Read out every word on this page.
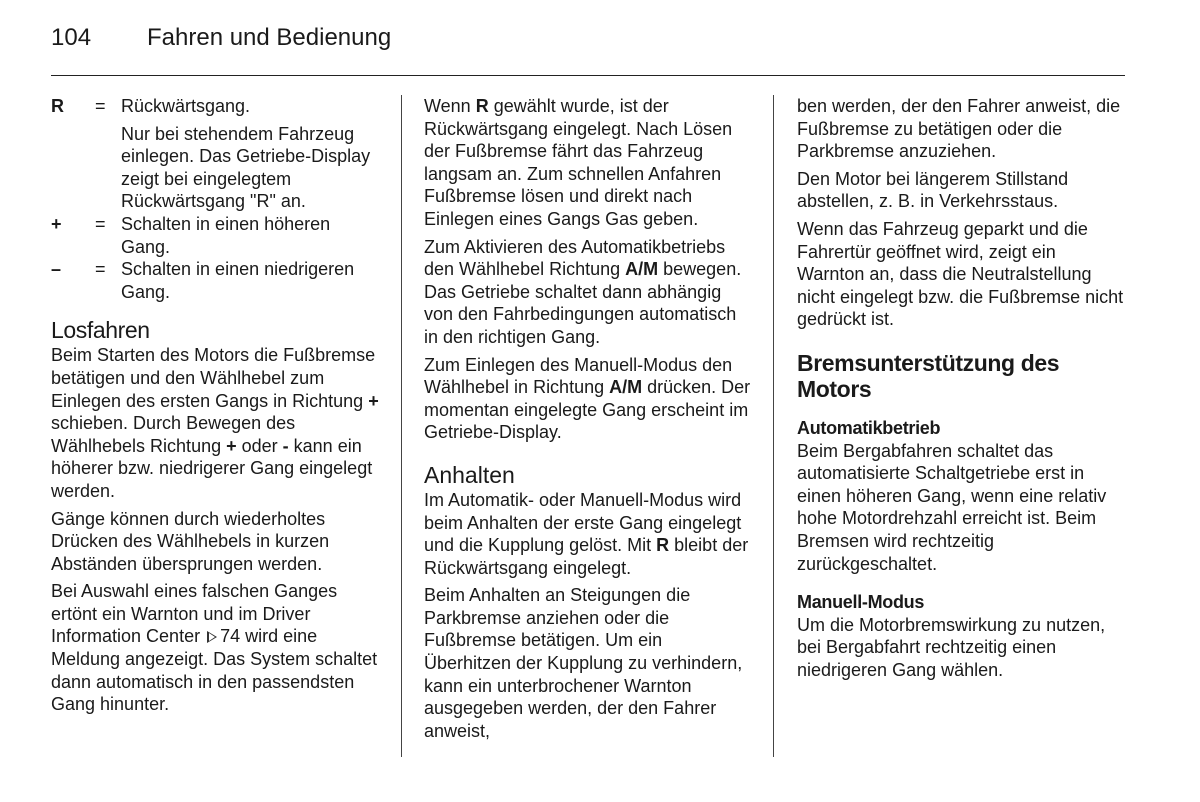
104	Fahren und Bedienung
R	= Rückwärtsgang.

Nur bei stehendem Fahrzeug einlegen. Das Getriebe-Display zeigt bei eingelegtem Rückwärtsgang "R" an.

+	= Schalten in einen höheren Gang.
–	= Schalten in einen niedrigeren Gang.
Losfahren

Beim Starten des Motors die Fußbremse betätigen und den Wählhebel zum Einlegen des ersten Gangs in Richtung + schieben. Durch Bewegen des Wählhebels Richtung + oder - kann ein höherer bzw. niedrigerer Gang eingelegt werden.

Gänge können durch wiederholtes Drücken des Wählhebels in kurzen Abständen übersprungen werden.

Bei Auswahl eines falschen Ganges ertönt ein Warnton und im Driver Information Center 74 wird eine Meldung angezeigt. Das System schaltet dann automatisch in den passendsten Gang hinunter.

Wenn R gewählt wurde, ist der Rückwärtsgang eingelegt. Nach Lösen der Fußbremse fährt das Fahrzeug langsam an. Zum schnellen Anfahren Fußbremse lösen und direkt nach Einlegen eines Gangs Gas geben.

Zum Aktivieren des Automatikbetriebs den Wählhebel Richtung A/M bewegen. Das Getriebe schaltet dann abhängig von den Fahrbedingungen automatisch in den richtigen Gang.

Zum Einlegen des Manuell-Modus den Wählhebel in Richtung A/M drücken. Der momentan eingelegte Gang erscheint im Getriebe-Display.

Anhalten

Im Automatik- oder Manuell-Modus wird beim Anhalten der erste Gang eingelegt und die Kupplung gelöst. Mit R bleibt der Rückwärtsgang eingelegt.

Beim Anhalten an Steigungen die Parkbremse anziehen oder die Fußbremse betätigen. Um ein Überhitzen der Kupplung zu verhindern, kann ein unterbrochener Warnton ausgegeben werden, der den Fahrer anweist,

ben werden, der den Fahrer anweist, die Fußbremse zu betätigen oder die Parkbremse anzuziehen.

Den Motor bei längerem Stillstand abstellen, z. B. in Verkehrsstaus.

Wenn das Fahrzeug geparkt und die Fahrertür geöffnet wird, zeigt ein Warnton an, dass die Neutralstellung nicht eingelegt bzw. die Fußbremse nicht gedrückt ist.

Bremsunterstützung des Motors
Automatikbetrieb

Beim Bergabfahren schaltet das automatisierte Schaltgetriebe erst in einen höheren Gang, wenn eine relativ hohe Motordrehzahl erreicht ist. Beim Bremsen wird rechtzeitig zurückgeschaltet.

Manuell-Modus

Um die Motorbremswirkung zu nutzen, bei Bergabfahrt rechtzeitig einen niedrigeren Gang wählen.
